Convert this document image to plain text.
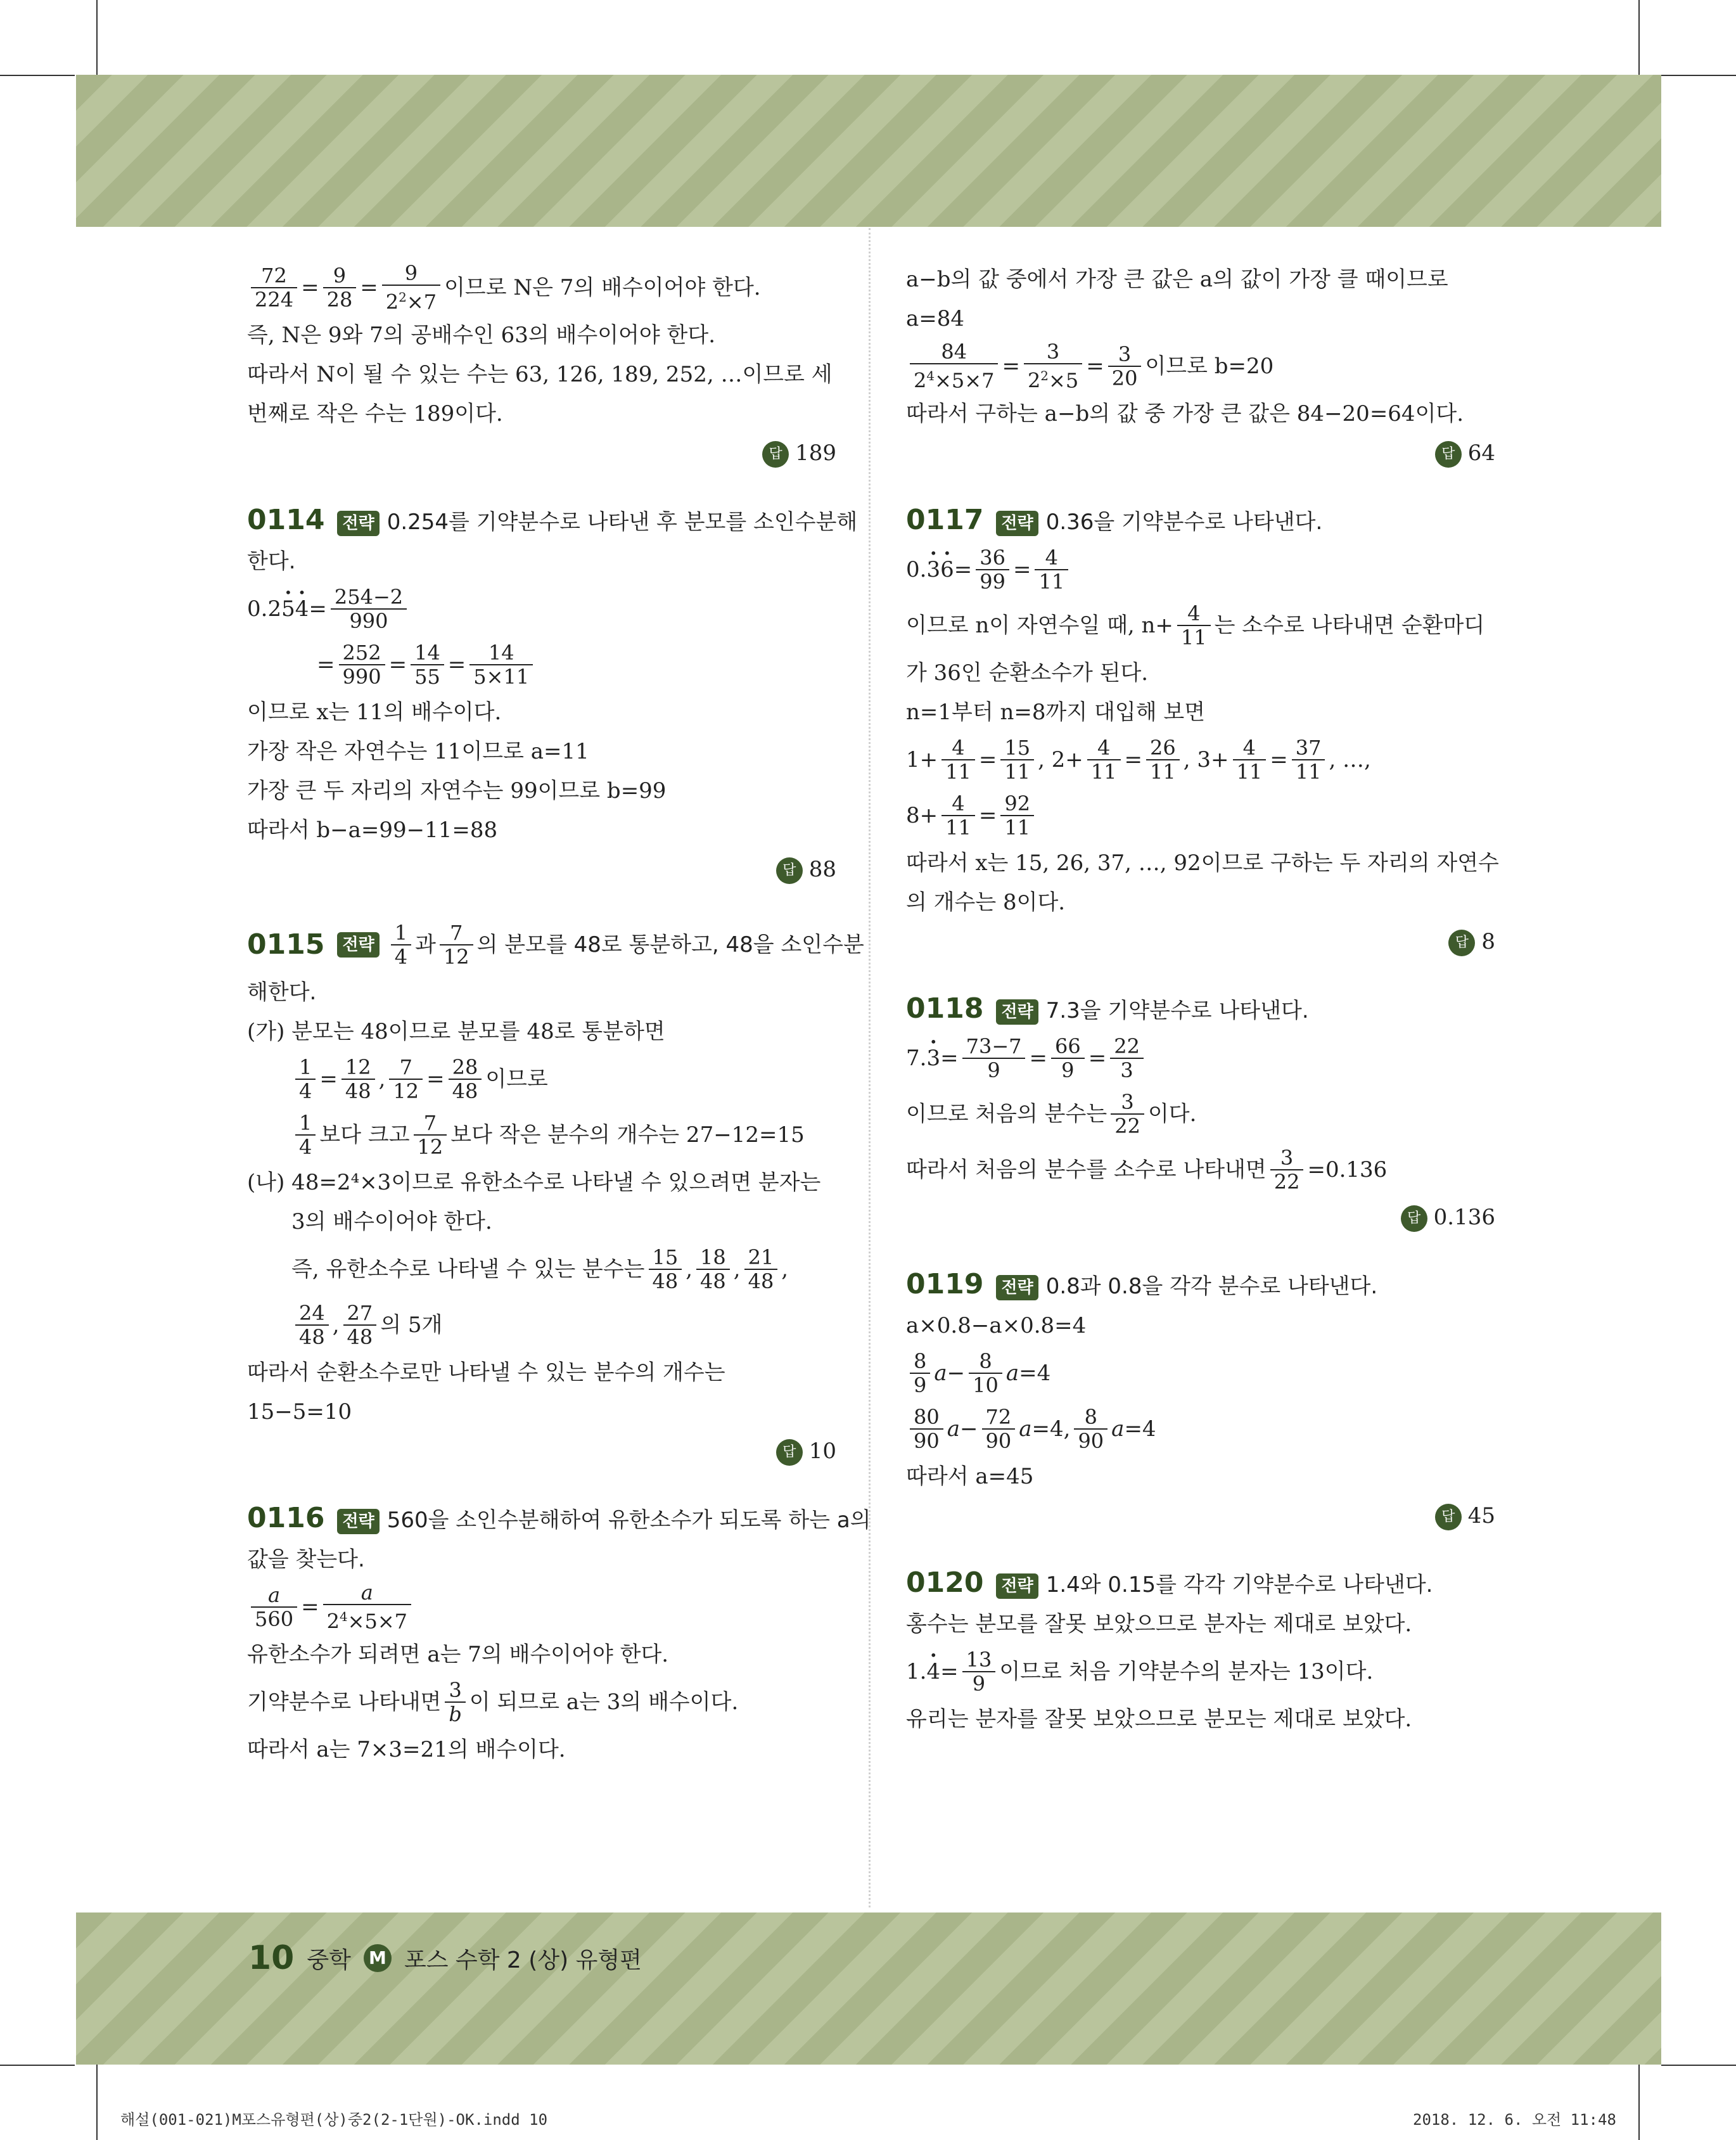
$\frac{72}{224} = \frac{9}{28} = \frac{9}{2^2\times 7}$ 이므로 N은 7의 배수이어야 한다.
즉, N은 9와 7의 공배수인 63의 배수이어야 한다.
따라서 N이 될 수 있는 수는 63, 126, 189, 252, …이므로 세
번째로 작은 수는 189이다.
답 189
0114 전략 0.254를 기약분수로 나타낸 후 분모를 소인수분해
한다.
0.2 5 • 4 • = $\frac{254-2}{990}$
= $\frac{252}{990} = \frac{14}{55} = \frac{14}{5\times 11}$
이므로 x는 11의 배수이다.
가장 작은 자연수는 11이므로 a=11
가장 큰 두 자리의 자연수는 99이므로 b=99
따라서 b−a=99−11=88
답 88
0115	전략 $\frac{1}{4}$ 과 $\frac{7}{12}$ 의 분모를 48로 통분하고, 48을 소인수분
해한다.
(가) 분모는 48이므로 분모를 48로 통분하면
$\frac{1}{4} = \frac{12}{48}$ , $\frac{7}{12} = \frac{28}{48}$ 이므로
$\frac{1}{4}$ 보다 크고 $\frac{7}{12}$ 보다 작은 분수의 개수는 27−12=15
(나) 48=2⁴×3이므로 유한소수로 나타낼 수 있으려면 분자는
3의 배수이어야 한다.
즉, 유한소수로 나타낼 수 있는 분수는 $\frac{15}{48}$ , $\frac{18}{48}$ , $\frac{21}{48}$ ,
$\frac{24}{48}$ , $\frac{27}{48}$ 의 5개
따라서 순환소수로만 나타낼 수 있는 분수의 개수는
15−5=10
답 10
0116 전략 560을 소인수분해하여 유한소수가 되도록 하는 a의
값을 찾는다.
$\frac{a}{560} = \frac{a}{2^4\times 5\times 7}$
유한소수가 되려면 a는 7의 배수이어야 한다.
기약분수로 나타내면 $\frac{3}{b}$ 이 되므로 a는 3의 배수이다.
따라서 a는 7×3=21의 배수이다.
a−b의 값 중에서 가장 큰 값은 a의 값이 가장 클 때이므로
a=84
$\frac{84}{2^4\times 5\times 7} = \frac{3}{2^2\times 5} = \frac{3}{20}$ 이므로 b=20
따라서 구하는 a−b의 값 중 가장 큰 값은 84−20=64이다.
답 64
0117 전략 0.36을 기약분수로 나타낸다.
0. 3 • 6 • = $\frac{36}{99} = \frac{4}{11}$
이므로 n이 자연수일 때, $n+ \frac{4}{11}$ 는 소수로 나타내면 순환마디
가 36인 순환소수가 된다.
n=1부터 n=8까지 대입해 보면
$1+ \frac{4}{11} = \frac{15}{11}$ , $2+ \frac{4}{11} = \frac{26}{11}$ , $3+ \frac{4}{11} = \frac{37}{11}$ , …,
$8+ \frac{4}{11} = \frac{92}{11}$
따라서 x는 15, 26, 37, …, 92이므로 구하는 두 자리의 자연수
의 개수는 8이다.
답 8
0118 전략 7.3을 기약분수로 나타낸다.
7. 3 • = $\frac{73-7}{9} = \frac{66}{9} = \frac{22}{3}$
이므로 처음의 분수는 $\frac{3}{22}$ 이다.
따라서 처음의 분수를 소수로 나타내면 $\frac{3}{22} =0.136$
답 0.136
0119 전략 0.8과 0.8을 각각 분수로 나타낸다.
a×0.8−a×0.8=4
$\frac{8}{9}$ $a - \frac{8}{10}$ a =4
$\frac{80}{90}$ $a - \frac{72}{90}$ a =4, $\frac{8}{90}$ a =4
따라서 a=45
답 45
0120 전략 1.4와 0.15를 각각 기약분수로 나타낸다.
홍수는 분모를 잘못 보았으므로 분자는 제대로 보았다.
1. 4 • = $\frac{13}{9}$ 이므로 처음 기약분수의 분자는 13이다.
유리는 분자를 잘못 보았으므로 분모는 제대로 보았다.
10 중학 M 포스 수학 2 (상) 유형편
해설(001-021)M포스유형편(상)중2(2-1단원)-OK.indd 10	2018. 12. 6. 오전 11:48
